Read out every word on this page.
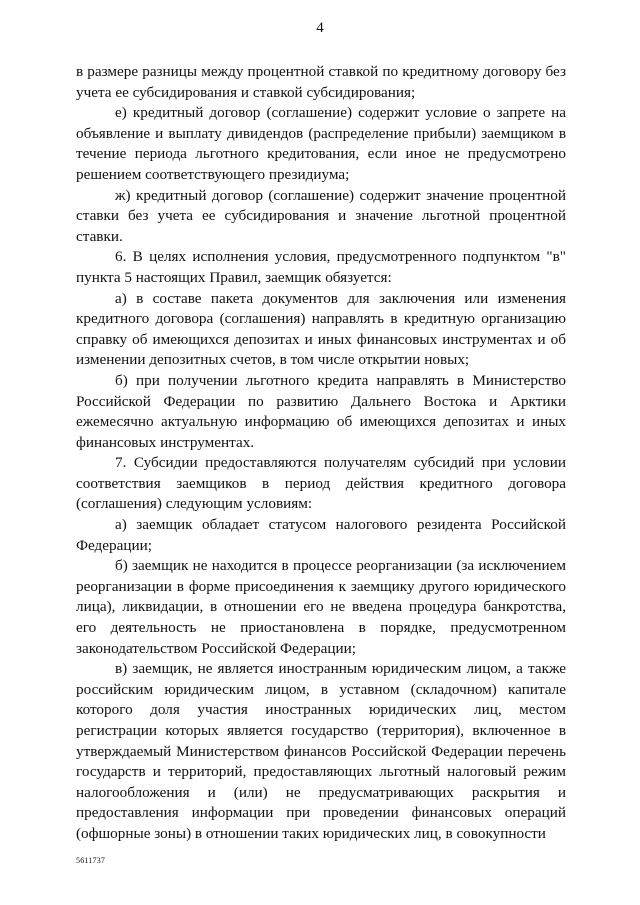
4

в размере разницы между процентной ставкой по кредитному договору без учета ее субсидирования и ставкой субсидирования;

е) кредитный договор (соглашение) содержит условие о запрете на объявление и выплату дивидендов (распределение прибыли) заемщиком в течение периода льготного кредитования, если иное не предусмотрено решением соответствующего президиума;

ж) кредитный договор (соглашение) содержит значение процентной ставки без учета ее субсидирования и значение льготной процентной ставки.

6. В целях исполнения условия, предусмотренного подпунктом "в" пункта 5 настоящих Правил, заемщик обязуется:

а) в составе пакета документов для заключения или изменения кредитного договора (соглашения) направлять в кредитную организацию справку об имеющихся депозитах и иных финансовых инструментах и об изменении депозитных счетов, в том числе открытии новых;

б) при получении льготного кредита направлять в Министерство Российской Федерации по развитию Дальнего Востока и Арктики ежемесячно актуальную информацию об имеющихся депозитах и иных финансовых инструментах.

7. Субсидии предоставляются получателям субсидий при условии соответствия заемщиков в период действия кредитного договора (соглашения) следующим условиям:

а) заемщик обладает статусом налогового резидента Российской Федерации;

б) заемщик не находится в процессе реорганизации (за исключением реорганизации в форме присоединения к заемщику другого юридического лица), ликвидации, в отношении его не введена процедура банкротства, его деятельность не приостановлена в порядке, предусмотренном законодательством Российской Федерации;

в) заемщик, не является иностранным юридическим лицом, а также российским юридическим лицом, в уставном (складочном) капитале которого доля участия иностранных юридических лиц, местом регистрации которых является государство (территория), включенное в утверждаемый Министерством финансов Российской Федерации перечень государств и территорий, предоставляющих льготный налоговый режим налогообложения и (или) не предусматривающих раскрытия и предоставления информации при проведении финансовых операций (офшорные зоны) в отношении таких юридических лиц, в совокупности

5611737
